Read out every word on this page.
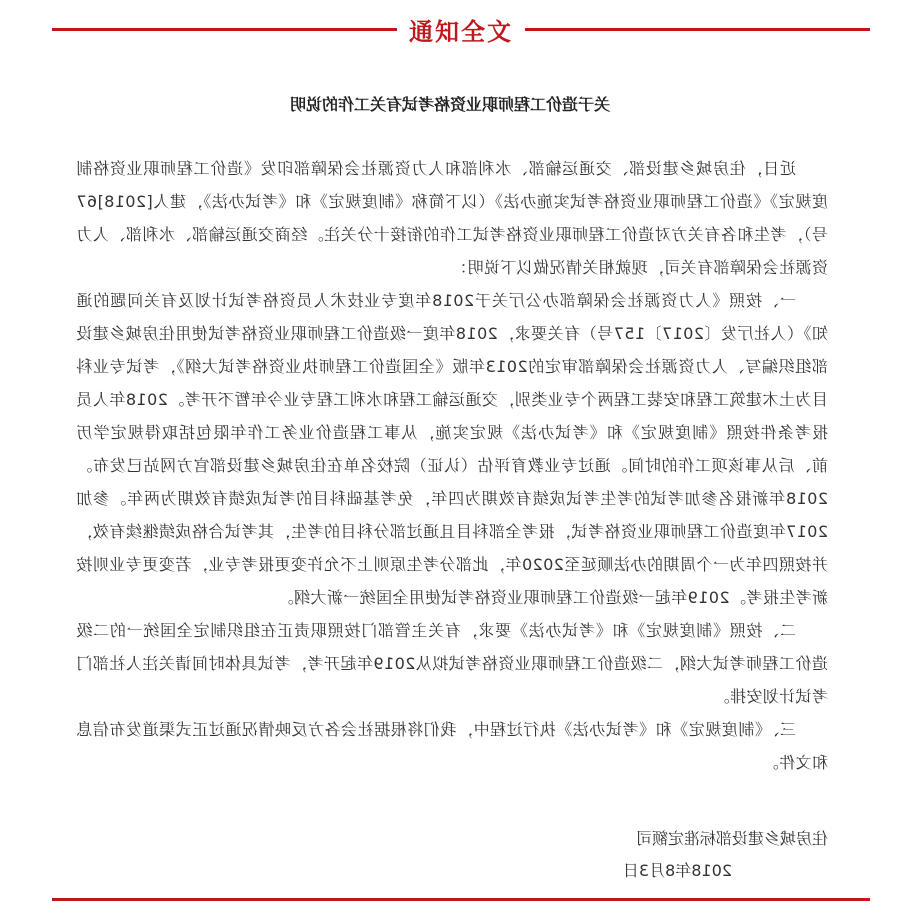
通知全文
关于造价工程师职业资格考试有关工作的说明

近日，住房城乡建设部、交通运输部、水利部和人力资源社会保障部印发《造价工程师职业资格制度规定》《造价工程师职业资格考试实施办法》（以下简称《制度规定》和《考试办法》，建人[2018]67号），考生和各有关方对造价工程师职业资格考试工作的衔接十分关注。经商交通运输部、水利部、人力资源社会保障部有关司，现就相关情况做以下说明：

一、按照《人力资源社会保障部办公厅关于2018年度专业技术人员资格考试计划及有关问题的通知》（人社厅发〔2017〕157号）有关要求，2018年度一级造价工程师职业资格考试使用住房城乡建设部组织编写、人力资源社会保障部审定的2013年版《全国造价工程师执业资格考试大纲》，考试专业科目为土木建筑工程和安装工程两个专业类别，交通运输工程和水利工程专业今年暂不开考。2018年人员报考条件按照《制度规定》和《考试办法》规定实施，从事工程造价业务工作年限包括取得规定学历前、后从事该项工作的时间。通过专业教育评估（认证）院校名单在住房城乡建设部官方网站已发布。2018年新报名参加考试的考生考试成绩有效期为四年，免考基础科目的考试成绩有效期为两年。参加2017年度造价工程师职业资格考试，报考全部科目且通过部分科目的考生，其考试合格成绩继续有效，并按照四年为一个周期的办法顺延至2020年，此部分考生原则上不允许变更报考专业，若变更专业则按新考生报考。2019年起一级造价工程师职业资格考试使用全国统一新大纲。

二、按照《制度规定》和《考试办法》要求，有关主管部门按照职责正在组织制定全国统一的二级造价工程师考试大纲，二级造价工程师职业资格考试拟从2019年起开考，考试具体时间请关注人社部门考试计划安排。

三、《制度规定》和《考试办法》执行过程中，我们将根据社会各方反映情况通过正式渠道发布信息和文件。

住房城乡建设部标准定额司
2018年8月3日
